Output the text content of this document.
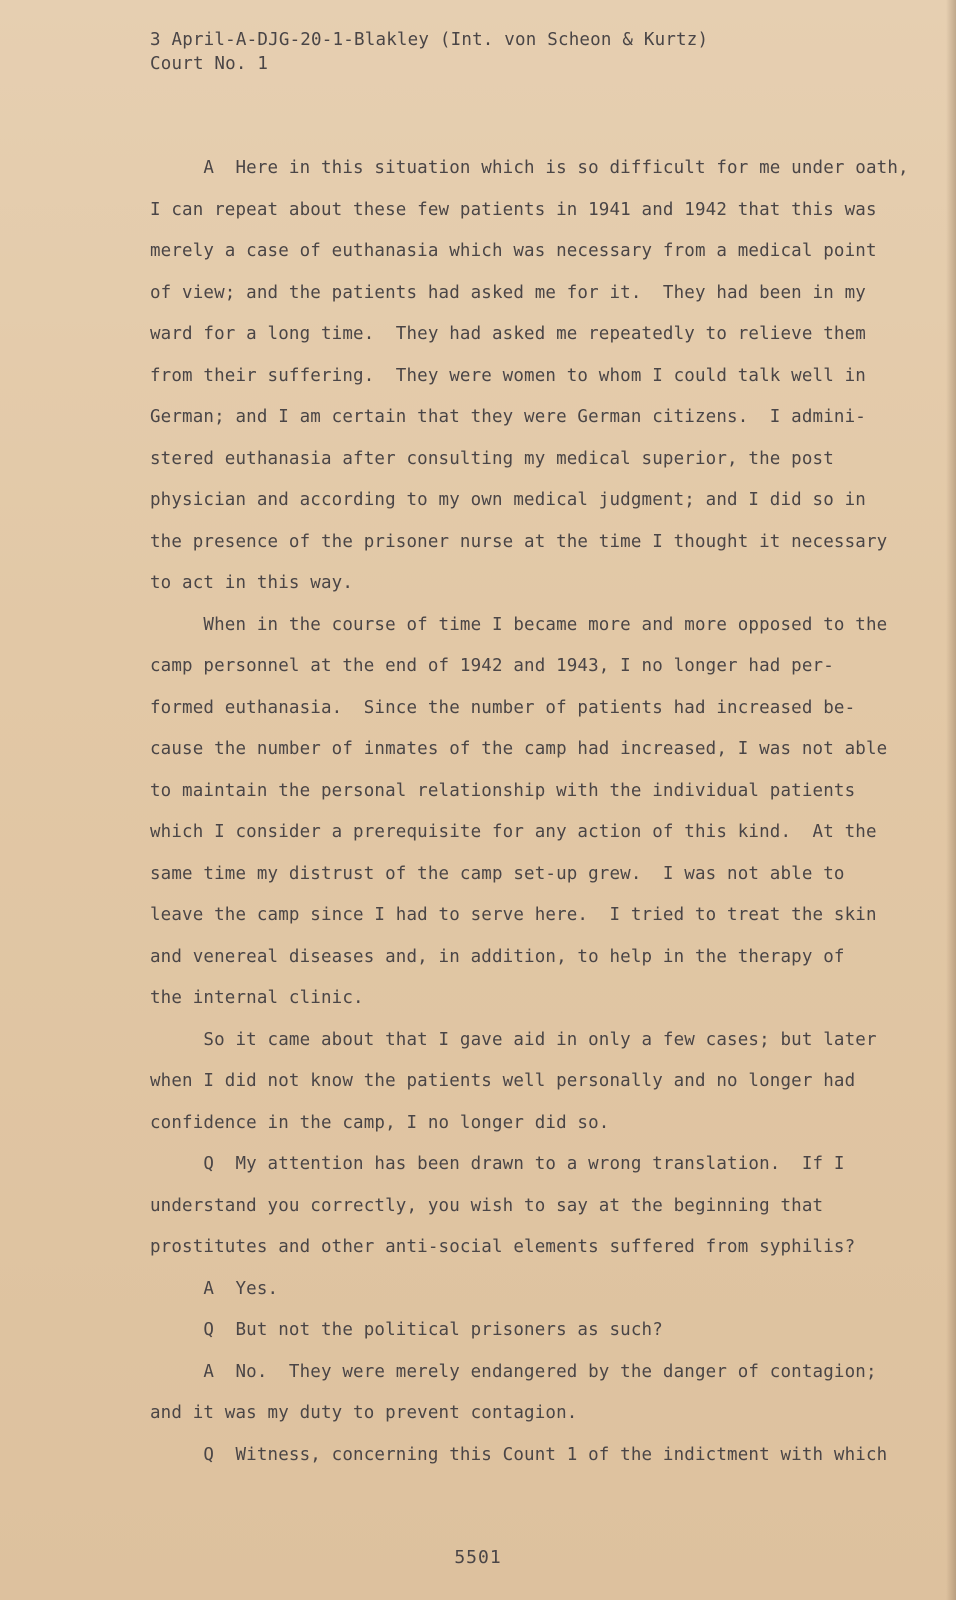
3 April-A-DJG-20-1-Blakley (Int. von Scheon & Kurtz)
Court No. 1
A  Here in this situation which is so difficult for me under oath,
I can repeat about these few patients in 1941 and 1942 that this was
merely a case of euthanasia which was necessary from a medical point
of view; and the patients had asked me for it.  They had been in my
ward for a long time.  They had asked me repeatedly to relieve them
from their suffering.  They were women to whom I could talk well in
German; and I am certain that they were German citizens.  I admini-
stered euthanasia after consulting my medical superior, the post
physician and according to my own medical judgment; and I did so in
the presence of the prisoner nurse at the time I thought it necessary
to act in this way.
When in the course of time I became more and more opposed to the
camp personnel at the end of 1942 and 1943, I no longer had per-
formed euthanasia.  Since the number of patients had increased be-
cause the number of inmates of the camp had increased, I was not able
to maintain the personal relationship with the individual patients
which I consider a prerequisite for any action of this kind.  At the
same time my distrust of the camp set-up grew.  I was not able to
leave the camp since I had to serve here.  I tried to treat the skin
and venereal diseases and, in addition, to help in the therapy of
the internal clinic.
So it came about that I gave aid in only a few cases; but later
when I did not know the patients well personally and no longer had
confidence in the camp, I no longer did so.
Q  My attention has been drawn to a wrong translation.  If I
understand you correctly, you wish to say at the beginning that
prostitutes and other anti-social elements suffered from syphilis?
A  Yes.
Q  But not the political prisoners as such?
A  No.  They were merely endangered by the danger of contagion;
and it was my duty to prevent contagion.
Q  Witness, concerning this Count 1 of the indictment with which
5501
